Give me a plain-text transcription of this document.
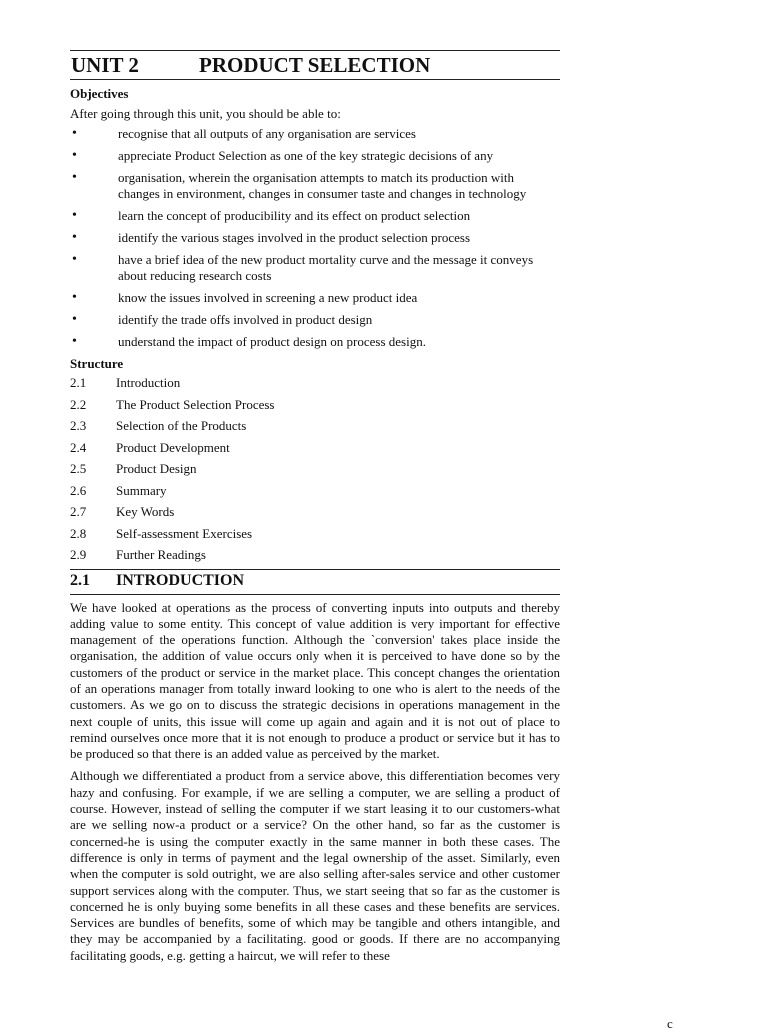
UNIT 2	PRODUCT SELECTION
Objectives
After going through this unit, you should be able to:
•	recognise that all outputs of any organisation are services
•	appreciate Product Selection as one of the key strategic decisions of any
•	organisation, wherein the organisation attempts to match its production with changes in environment, changes in consumer taste and changes in technology
•	learn the concept of producibility and its effect on product selection
•	identify the various stages involved in the product selection process
•	have a brief idea of the new product mortality curve and the message it conveys about reducing research costs
•	know the issues involved in screening a new product idea
•	identify the trade offs involved in product design
•	understand the impact of product design on process design.
Structure
2.1	Introduction
2.2	The Product Selection Process
2.3	Selection of the Products
2.4	Product Development
2.5	Product Design
2.6	Summary
2.7	Key Words
2.8	Self-assessment Exercises
2.9	Further Readings
2.1	INTRODUCTION

We have looked at operations as the process of converting inputs into outputs and thereby adding value to some entity. This concept of value addition is very important for effective management of the operations function. Although the `conversion' takes place inside the organisation, the addition of value occurs only when it is perceived to have done so by the customers of the product or service in the market place. This concept changes the orientation of an operations manager from totally inward looking to one who is alert to the needs of the customers. As we go on to discuss the strategic decisions in operations management in the next couple of units, this issue will come up again and again and it is not out of place to remind ourselves once more that it is not enough to produce a product or service but it has to be produced so that there is an added value as perceived by the market.

Although we differentiated a product from a service above, this differentiation becomes very hazy and confusing. For example, if we are selling a computer, we are selling a product of course. However, instead of selling the computer if we start leasing it to our customers-what are we selling now-a product or a service? On the other hand, so far as the customer is concerned-he is using the computer exactly in the same manner in both these cases. The difference is only in terms of payment and the legal ownership of the asset. Similarly, even when the computer is sold outright, we are also selling after-sales service and other customer support services along with the computer. Thus, we start seeing that so far as the customer is concerned he is only buying some benefits in all these cases and these benefits are services. Services are bundles of benefits, some of which may be tangible and others intangible, and they may be accompanied by a facilitating. good or goods. If there are no accompanying facilitating goods, e.g. getting a haircut, we will refer to these

c
